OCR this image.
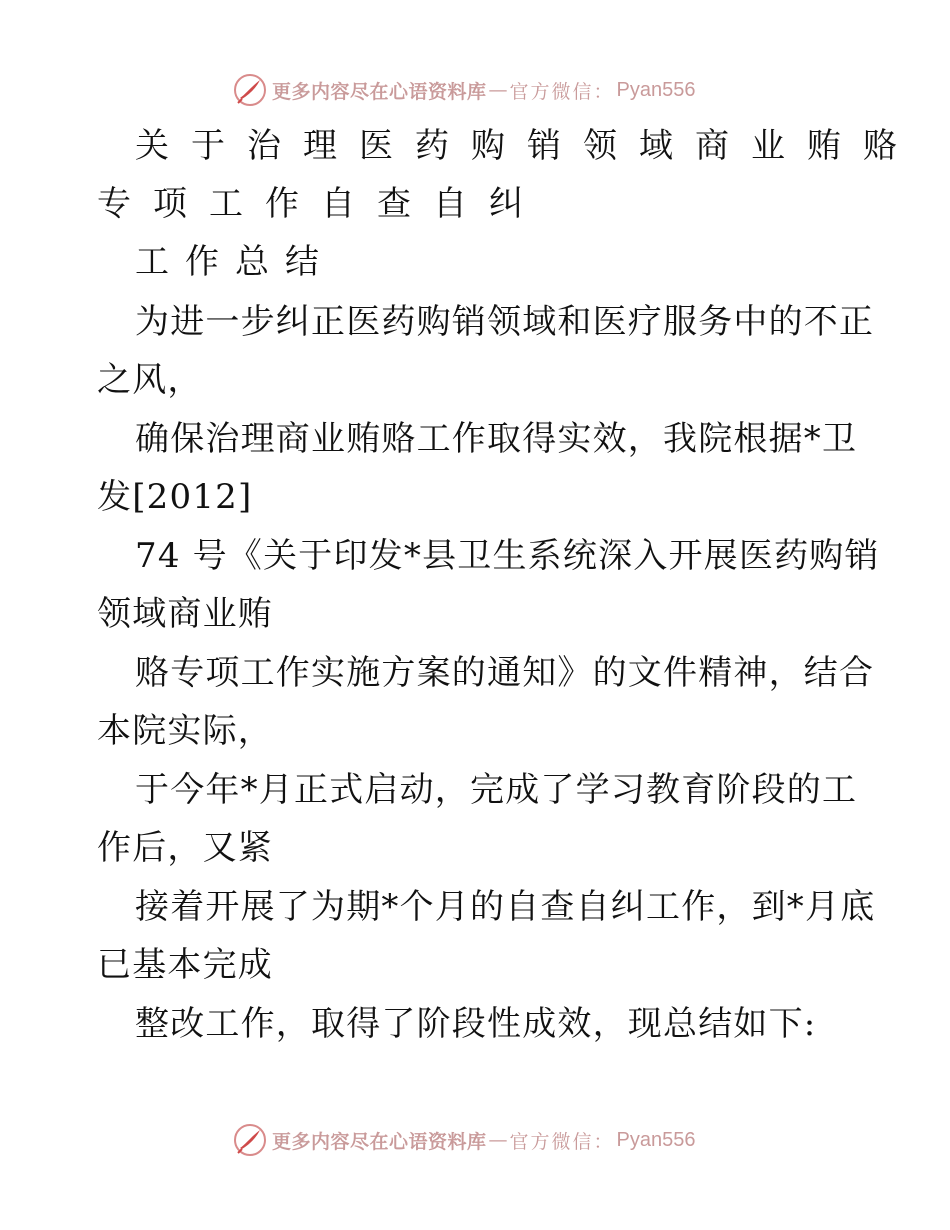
更多内容尽在心语资料库 — 官方微信： Pyan556
关于治理医药购销领域商业贿赂
专项工作自查自纠
工作总结
为进一步纠正医药购销领域和医疗服务中的不正
之风，
确保治理商业贿赂工作取得实效，我院根据*卫
发[2012]
74 号《关于印发*县卫生系统深入开展医药购销
领域商业贿
赂专项工作实施方案的通知》的文件精神，结合
本院实际，
于今年*月正式启动，完成了学习教育阶段的工
作后，又紧
接着开展了为期*个月的自查自纠工作，到*月底
已基本完成
整改工作，取得了阶段性成效，现总结如下:
更多内容尽在心语资料库 — 官方微信： Pyan556
